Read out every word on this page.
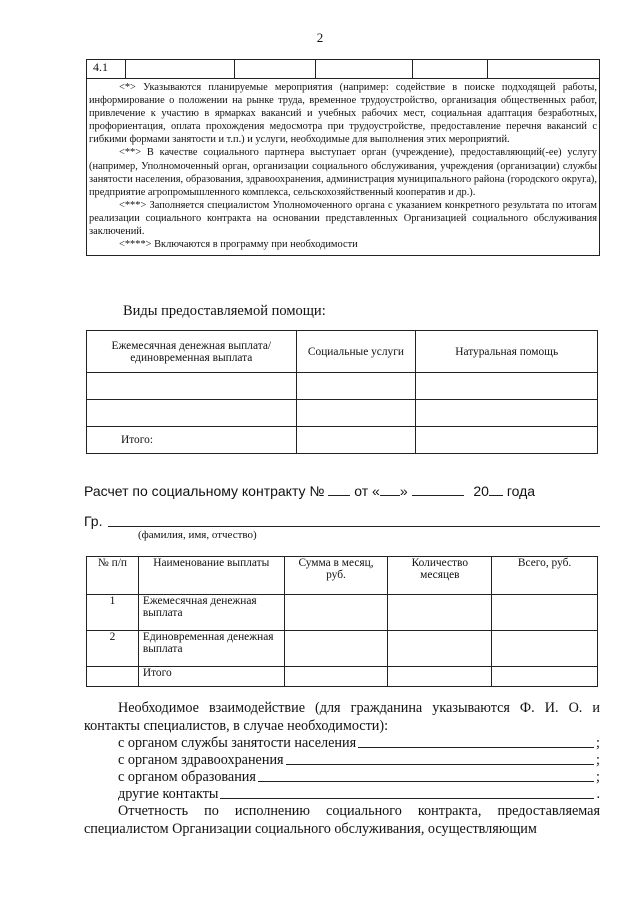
2
4.1

<*> Указываются планируемые мероприятия (например: содействие в поиске подходящей работы, информирование о положении на рынке труда, временное трудоустройство, организация общественных работ, привлечение к участию в ярмарках вакансий и учебных рабочих мест, социальная адаптация безработных, профориентация, оплата прохождения медосмотра при трудоустройстве, предоставление перечня вакансий с гибкими формами занятости и т.п.) и услуги, необходимые для выполнения этих мероприятий.

<**> В качестве социального партнера выступает орган (учреждение), предоставляющий(-ее) услугу (например, Уполномоченный орган, организации социального обслуживания, учреждения (организации) службы занятости населения, образования, здравоохранения, администрация муниципального района (городского округа), предприятие агропромышленного комплекса, сельскохозяйственный кооператив и др.).

<***> Заполняется специалистом Уполномоченного органа с указанием конкретного результата по итогам реализации социального контракта на основании представленных Организацией социального обслуживания заключений.

<****> Включаются в программу при необходимости

Виды предоставляемой помощи:
Ежемесячная денежная выплата/ единовременная выплата	Социальные услуги	Натуральная помощь

Итого:		
Расчет по социальному контракту № от « »	20 года
Гр.
(фамилия, имя, отчество)
№ п/п	Наименование выплаты	Сумма в месяц, руб.	Количество месяцев	Всего, руб.
1	Ежемесячная денежная выплата			
2	Единовременная денежная выплата			
	Итого			
Необходимое взаимодействие (для гражданина указываются Ф. И. О. и контакты специалистов, в случае необходимости):
с органом службы занятости населения	;
с органом здравоохранения	;
с органом образования	;
другие контакты	.
Отчетность по исполнению социального контракта, предоставляемая специалистом Организации социального обслуживания, осуществляющим
